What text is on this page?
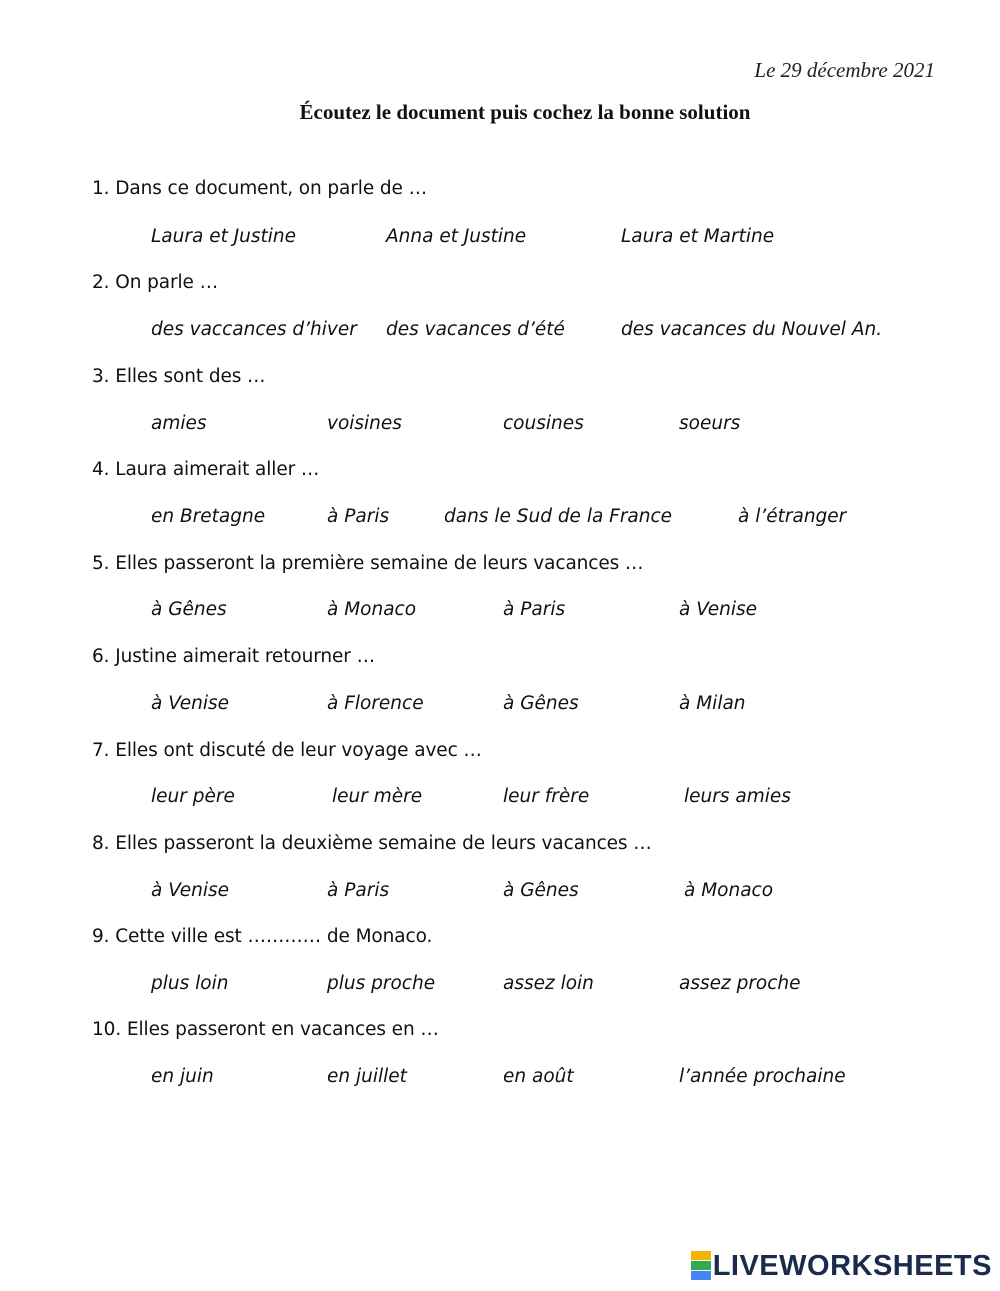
Le 29 décembre 2021
Écoutez le document puis cochez la bonne solution
1. Dans ce document, on parle de …
Laura et Justine	Anna et Justine	Laura et Martine
2. On parle …
des vaccances d’hiver des vacances d’été	des vacances du Nouvel An.
3. Elles sont des …
amies	voisines	cousines	soeurs
4. Laura aimerait aller …
en Bretagne	à Paris	dans le Sud de la France	à l’étranger
5. Elles passeront la première semaine de leurs vacances …
à Gênes	à Monaco	à Paris	à Venise
6. Justine aimerait retourner …
à Venise	à Florence	à Gênes	à Milan
7. Elles ont discuté de leur voyage avec …
leur père	leur mère	leur frère	leurs amies
8. Elles passeront la deuxième semaine de leurs vacances …
à Venise	à Paris	à Gênes	à Monaco
9. Cette ville est ………… de Monaco.
plus loin	plus proche	assez loin	assez proche
10. Elles passeront en vacances en …
en juin	en juillet	en août	l’année prochaine
LIVEWORKSHEETS
